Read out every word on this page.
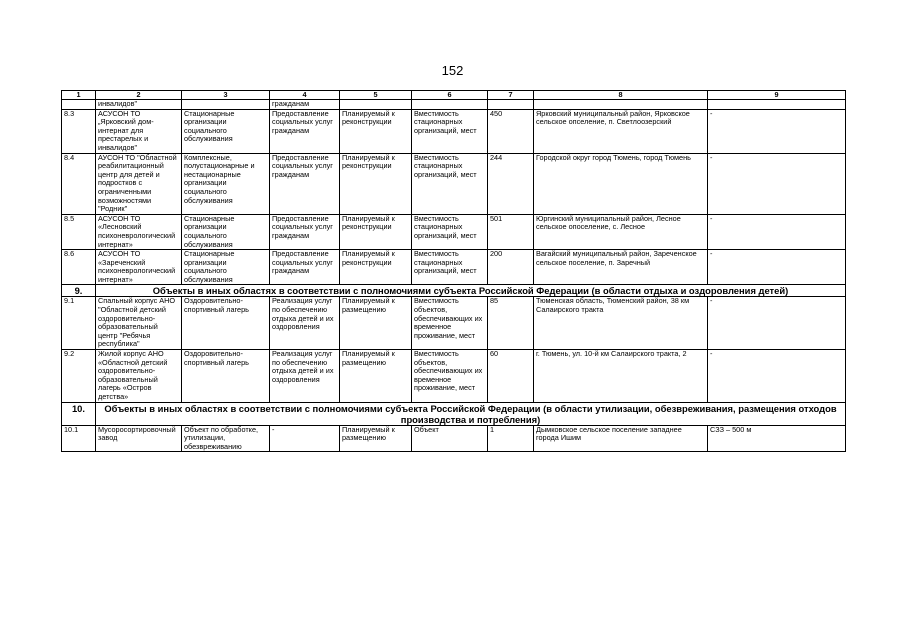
152
1	2	3	4	5	6	7	8	9
	инвалидов"		гражданам					
8.3	АСУСОН ТО „Ярковский дом-интернат для престарелых и инвалидов"	Стационарные организации социального обслуживания	Предоставление социальных услуг гражданам	Планируемый к реконструкции	Вместимость стационарных организаций, мест	450	Ярковский муниципальный район, Ярковское сельское опселение, п. Светлоозерский	-
8.4	АУСОН ТО "Областной реабилитационный центр для детей и подростков с ограниченными возможностями "Родник"	Комплексные, полустационарные и нестационарные организации социального обслуживания	Предоставление социальных услуг гражданам	Планируемый к реконструкции	Вместимость стационарных организаций, мест	244	Городской округ город Тюмень, город Тюмень	-
8.5	АСУСОН ТО «Лесновский психоневрологический интернат»	Стационарные организации социального обслуживания	Предоставление социальных услуг гражданам	Планируемый к реконструкции	Вместимость стационарных организаций, мест	501	Юргинский муниципальный район, Лесное сельское опоселение, с. Лесное	-
8.6	АСУСОН ТО «Зареченский психоневрологический интернат»	Стационарные организации социального обслуживания	Предоставление социальных услуг гражданам	Планируемый к реконструкции	Вместимость стационарных организаций, мест	200	Вагайский муниципальный район, Зареченское сельское поселение, п. Заречный	-
9.	Объекты в иных областях в соответствии с полномочиями субъекта Российской Федерации (в области отдыха и оздоровления детей)							
9.1	Спальный корпус АНО "Областной детский оздоровительно-образовательный центр "Ребячья республика"	Оздоровительно-спортивный лагерь	Реализация услуг по обеспечению отдыха детей и их оздоровления	Планируемый к размещению	Вместимость объектов, обеспечивающих их временное проживание, мест	85	Тюменская область, Тюменский район, 38 км Салаирского тракта	-
9.2	Жилой корпус АНО «Областной детский оздоровительно-образовательный лагерь «Остров детства»	Оздоровительно-спортивный лагерь	Реализация услуг по обеспечению отдыха детей и их оздоровления	Планируемый к размещению	Вместимость объектов, обеспечивающих их временное проживание, мест	60	г. Тюмень, ул. 10-й км Салаирского тракта, 2	-
10.	Объекты в иных областях в соответствии с полномочиями субъекта Российской Федерации (в области утилизации, обезвреживания, размещения отходов производства и потребления)							
10.1	Мусоросортировочный завод	Объект по обработке, утилизации, обезвреживанию	-	Планируемый к размещению	Объект	1	Дымковское сельское поселение западнее города Ишим	СЗЗ – 500 м
